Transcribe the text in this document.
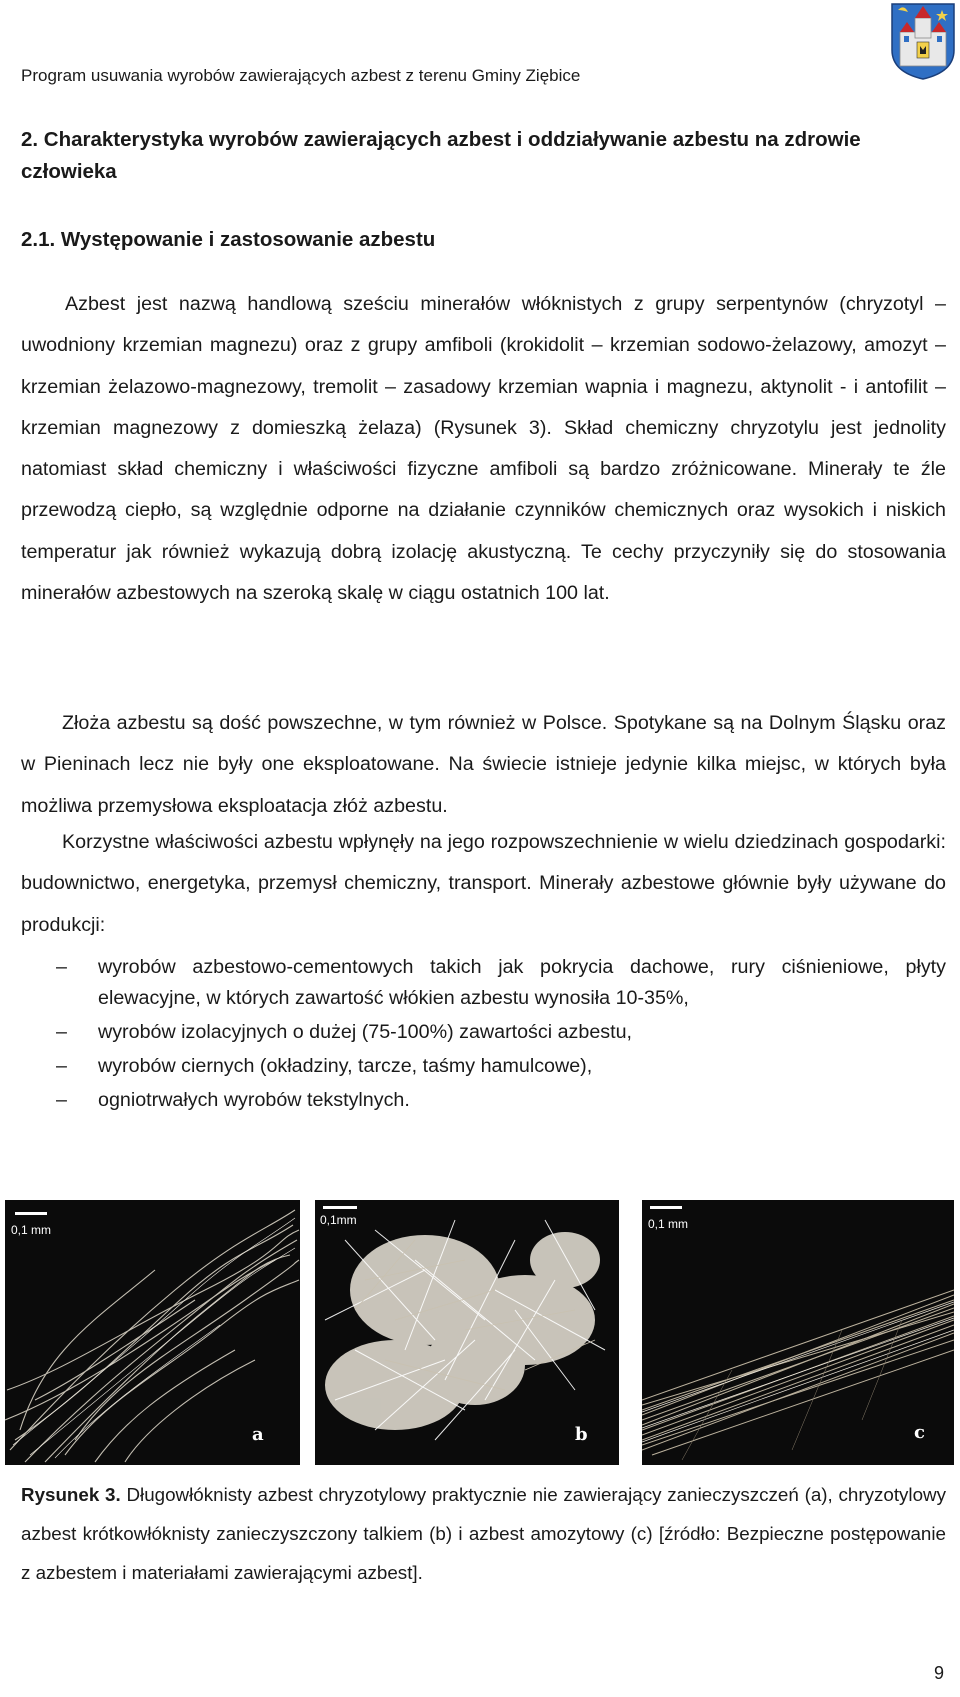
Program usuwania wyrobów zawierających azbest z terenu Gminy Ziębice
2. Charakterystyka wyrobów zawierających azbest i oddziaływanie azbestu na zdrowie człowieka
2.1. Występowanie i zastosowanie azbestu
Azbest jest nazwą handlową sześciu minerałów włóknistych z grupy serpentynów (chryzotyl – uwodniony krzemian magnezu) oraz z grupy amfiboli (krokidolit – krzemian sodowo-żelazowy, amozyt – krzemian żelazowo-magnezowy, tremolit – zasadowy krzemian wapnia i magnezu, aktynolit - i antofilit – krzemian magnezowy z domieszką żelaza) (Rysunek 3). Skład chemiczny chryzotylu jest jednolity natomiast skład chemiczny i właściwości fizyczne amfiboli są bardzo zróżnicowane. Minerały te źle przewodzą ciepło, są względnie odporne na działanie czynników chemicznych oraz wysokich i niskich temperatur jak również wykazują dobrą izolację akustyczną. Te cechy przyczyniły się do stosowania minerałów azbestowych na szeroką skalę w ciągu ostatnich 100 lat.
Złoża azbestu są dość powszechne, w tym również w Polsce. Spotykane są na Dolnym Śląsku oraz w Pieninach lecz nie były one eksploatowane. Na świecie istnieje jedynie kilka miejsc, w których była możliwa przemysłowa eksploatacja złóż azbestu.
Korzystne właściwości azbestu wpłynęły na jego rozpowszechnienie w wielu dziedzinach gospodarki: budownictwo, energetyka, przemysł chemiczny, transport. Minerały azbestowe głównie były używane do produkcji:
– wyrobów azbestowo-cementowych takich jak pokrycia dachowe, rury ciśnieniowe, płyty elewacyjne, w których zawartość włókien azbestu wynosiła 10-35%,
– wyrobów izolacyjnych o dużej (75-100%) zawartości azbestu,
– wyrobów ciernych (okładziny, tarcze, taśmy hamulcowe),
– ogniotrwałych wyrobów tekstylnych.
0,1 mm
a
0,1mm
b
0,1 mm
c
Rysunek 3. Długowłóknisty azbest chryzotylowy praktycznie nie zawierający zanieczyszczeń (a), chryzotylowy azbest krótkowłóknisty zanieczyszczony talkiem (b) i azbest amozytowy (c) [źródło: Bezpieczne postępowanie z azbestem i materiałami zawierającymi azbest].
9
